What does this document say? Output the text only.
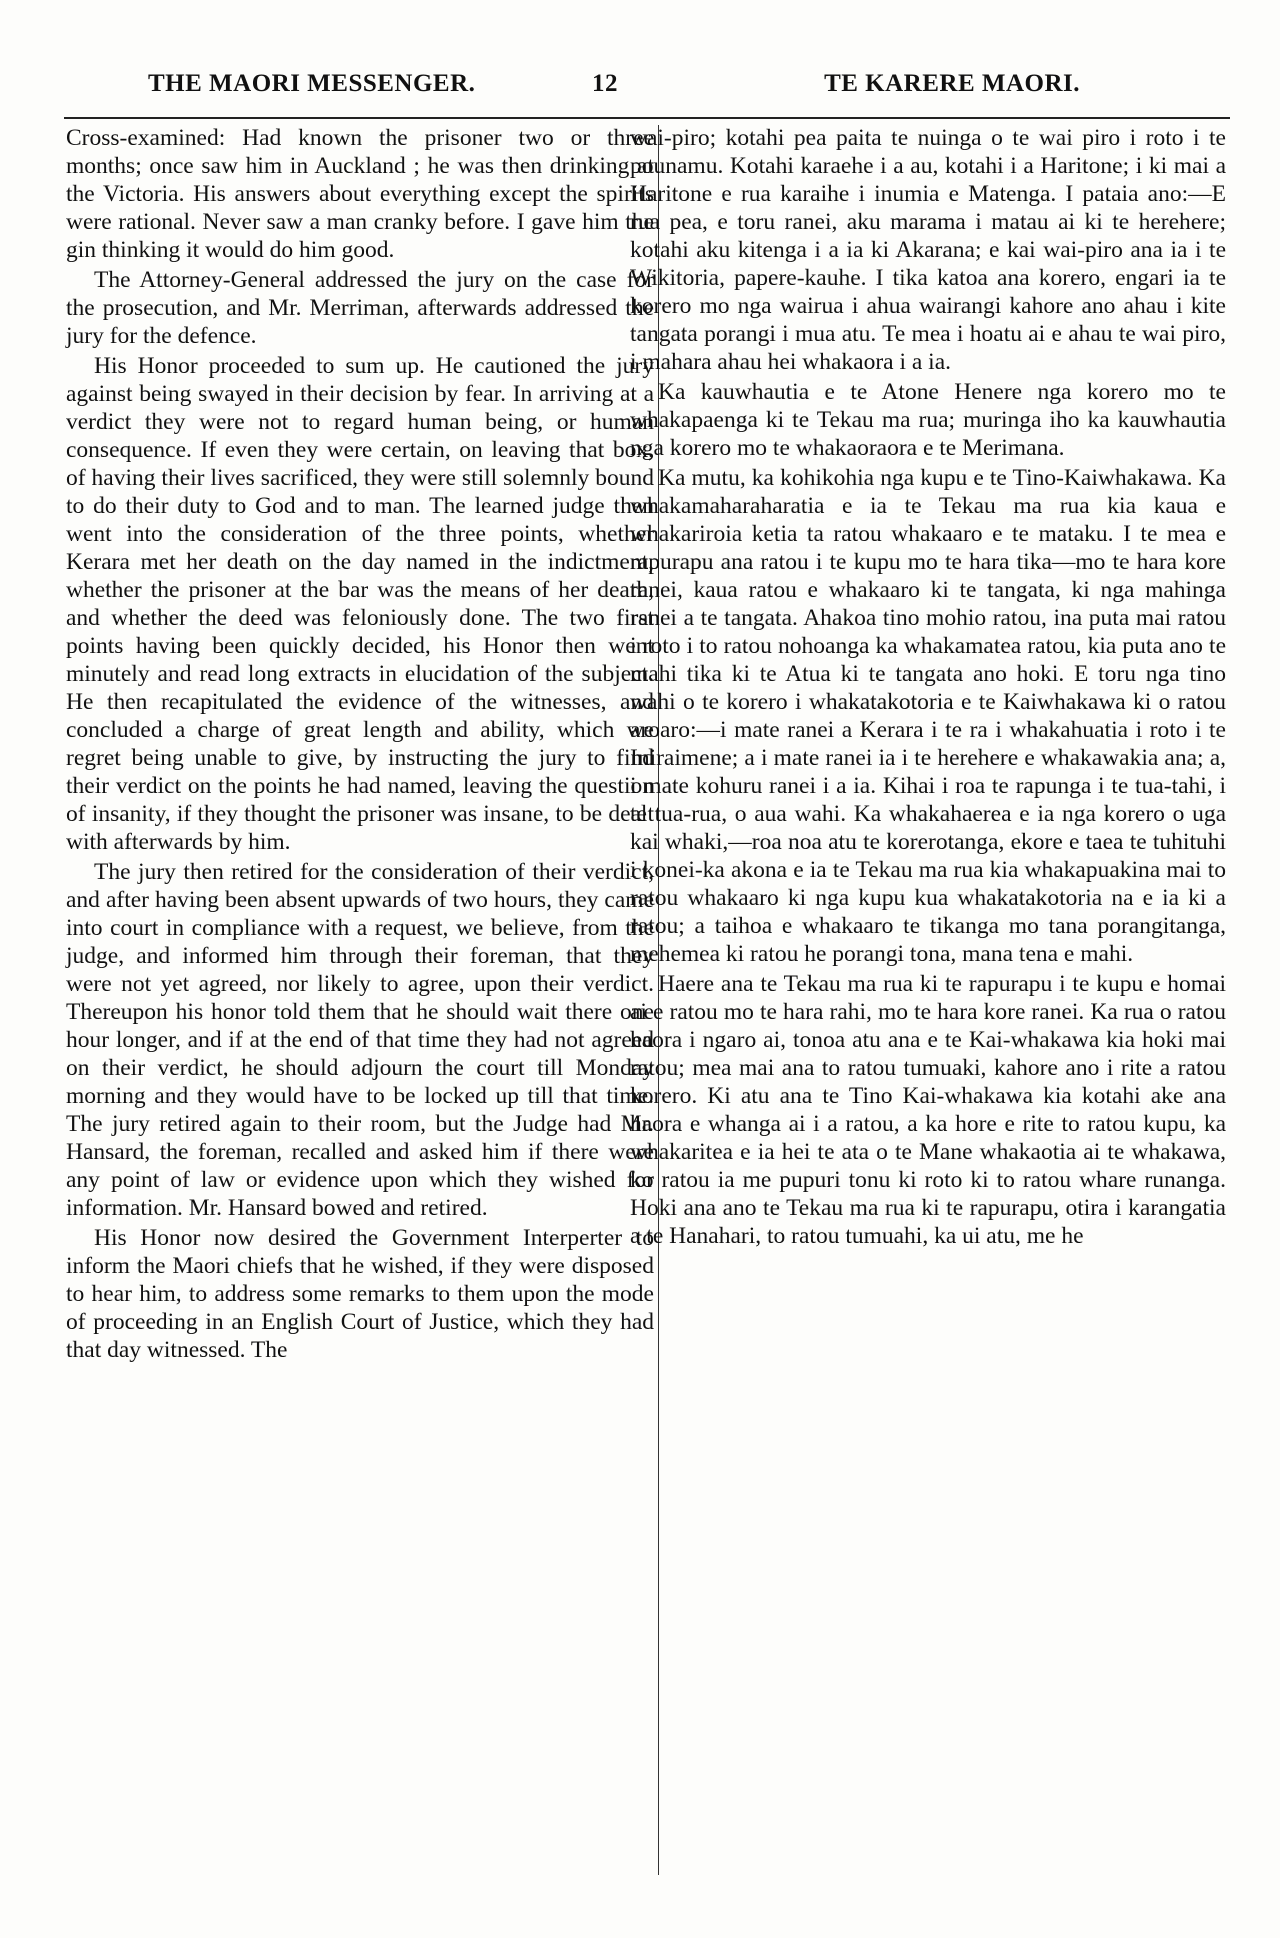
THE MAORI MESSENGER.	12	TE KARERE MAORI.

Cross-examined: Had known the prisoner two or three months; once saw him in Auckland ; he was then drinking at the Victoria. His answers about everything except the spirits were rational. Never saw a man cranky before. I gave him the gin thinking it would do him good.

The Attorney-General addressed the jury on the case for the prosecution, and Mr. Merriman, afterwards addressed the jury for the defence.

His Honor proceeded to sum up. He cautioned the jury against being swayed in their decision by fear. In arriving at a verdict they were not to regard human being, or human consequence. If even they were certain, on leaving that box, of having their lives sacrificed, they were still solemnly bound to do their duty to God and to man. The learned judge then went into the consideration of the three points, whether Kerara met her death on the day named in the indictment, whether the prisoner at the bar was the means of her death, and whether the deed was feloniously done. The two first points having been quickly decided, his Honor then went minutely and read long extracts in elucidation of the subject. He then recapitulated the evidence of the witnesses, and concluded a charge of great length and ability, which we regret being unable to give, by instructing the jury to find their verdict on the points he had named, leaving the question of insanity, if they thought the prisoner was insane, to be dealt with afterwards by him.

The jury then retired for the consideration of their verdict, and after having been absent upwards of two hours, they came into court in compliance with a request, we believe, from the judge, and informed him through their foreman, that they were not yet agreed, nor likely to agree, upon their verdict. Thereupon his honor told them that he should wait there one hour longer, and if at the end of that time they had not agreed on their verdict, he should adjourn the court till Monday morning and they would have to be locked up till that time. The jury retired again to their room, but the Judge had Mr. Hansard, the foreman, recalled and asked him if there were any point of law or evidence upon which they wished for information. Mr. Hansard bowed and retired.

His Honor now desired the Government Interperter to inform the Maori chiefs that he wished, if they were disposed to hear him, to address some remarks to them upon the mode of proceeding in an English Court of Justice, which they had that day witnessed. The

wai-piro; kotahi pea paita te nuinga o te wai piro i roto i te pounamu. Kotahi karaehe i a au, kotahi i a Haritone; i ki mai a Haritone e rua karaihe i inumia e Matenga. I pataia ano:—E rua pea, e toru ranei, aku marama i matau ai ki te herehere; kotahi aku kitenga i a ia ki Akarana; e kai wai-piro ana ia i te Wikitoria, papere-kauhe. I tika katoa ana korero, engari ia te korero mo nga wairua i ahua wairangi kahore ano ahau i kite tangata porangi i mua atu. Te mea i hoatu ai e ahau te wai piro, i mahara ahau hei whakaora i a ia.

Ka kauwhautia e te Atone Henere nga korero mo te whakapaenga ki te Tekau ma rua; muringa iho ka kauwhautia nga korero mo te whakaoraora e te Merimana.

Ka mutu, ka kohikohia nga kupu e te Tino-Kaiwhakawa. Ka whakamaharaharatia e ia te Tekau ma rua kia kaua e whakariroia ketia ta ratou whakaaro e te mataku. I te mea e rapurapu ana ratou i te kupu mo te hara tika—mo te hara kore ranei, kaua ratou e whakaaro ki te tangata, ki nga mahinga ranei a te tangata. Ahakoa tino mohio ratou, ina puta mai ratou i roto i to ratou nohoanga ka whakamatea ratou, kia puta ano te mahi tika ki te Atua ki te tangata ano hoki. E toru nga tino wahi o te korero i whakatakotoria e te Kaiwhakawa ki o ratou aroaro:—i mate ranei a Kerara i te ra i whakahuatia i roto i te Iniraimene; a i mate ranei ia i te herehere e whakawakia ana; a, i mate kohuru ranei i a ia. Kihai i roa te rapunga i te tua-tahi, i te tua-rua, o aua wahi. Ka whakahaerea e ia nga korero o uga kai whaki,—roa noa atu te korerotanga, ekore e taea te tuhituhi i konei-ka akona e ia te Tekau ma rua kia whakapuakina mai to ratou whakaaro ki nga kupu kua whakatakotoria na e ia ki a ratou; a taihoa e whakaaro te tikanga mo tana porangitanga, mehemea ki ratou he porangi tona, mana tena e mahi.

Haere ana te Tekau ma rua ki te rapurapu i te kupu e homai ai e ratou mo te hara rahi, mo te hara kore ranei. Ka rua o ratou haora i ngaro ai, tonoa atu ana e te Kai-whakawa kia hoki mai ratou; mea mai ana to ratou tumuaki, kahore ano i rite a ratou korero. Ki atu ana te Tino Kai-whakawa kia kotahi ake ana haora e whanga ai i a ratou, a ka hore e rite to ratou kupu, ka whakaritea e ia hei te ata o te Mane whakaotia ai te whakawa, ko ratou ia me pupuri tonu ki roto ki to ratou whare runanga. Hoki ana ano te Tekau ma rua ki te rapurapu, otira i karangatia a te Hanahari, to ratou tumuahi, ka ui atu, me he
